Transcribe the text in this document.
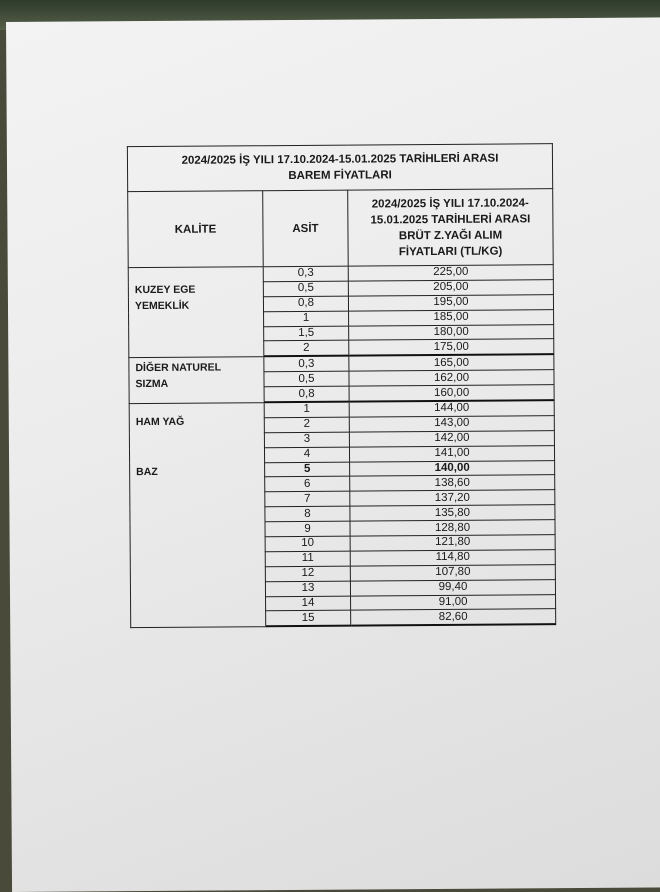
2024/2025 İŞ YILI 17.10.2024-15.01.2025 TARİHLERİ ARASI
BAREM FİYATLARI		

KALİTE	ASİT	2024/2025 İŞ YILI 17.10.2024-
15.01.2025 TARİHLERİ ARASI
BRÜT Z.YAĞI ALIM
FİYATLARI (TL/KG)

KUZEY EGE
YEMEKLİK	0,3	225,00
	0,5	205,00
	0,8	195,00
	1	185,00
	1,5	180,00
	2	175,00
DİĞER NATUREL
SIZMA	0,3	165,00
	0,5	162,00
	0,8	160,00
HAM YAĞ
BAZ	1	144,00
	2	143,00
	3	142,00
	4	141,00
	5	140,00
	6	138,60
	7	137,20
	8	135,80
	9	128,80
	10	121,80
	11	114,80
	12	107,80
	13	99,40
	14	91,00
	15	82,60
